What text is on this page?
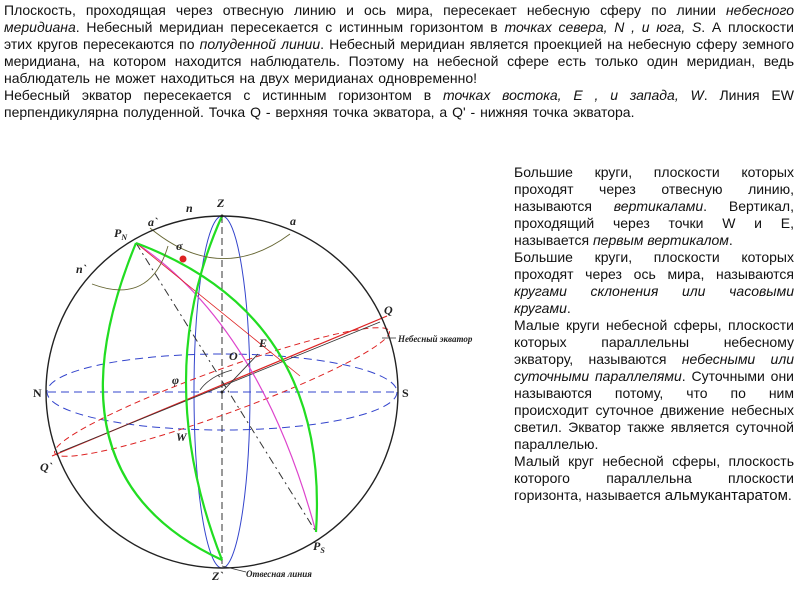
Плоскость, проходящая через отвесную линию и ось мира, пересекает небесную сферу по линии небесного меридиана. Небесный меридиан пересекается с истинным горизонтом в точках севера, N , и юга, S. А плоскости этих кругов пересекаются по полуденной линии. Небесный меридиан является проекцией на небесную сферу земного меридиана, на котором находится наблюдатель. Поэтому на небесной сфере есть только один меридиан, ведь наблюдатель не может находиться на двух меридианах одновременно!

Небесный экватор пересекается с истинным горизонтом в точках востока, Е , и запада, W. Линия EW перпендикулярна полуденной. Точка Q - верхняя точка экватора, а Q' - нижняя точка экватора.

Z
Z`
N	S
E
W
O
Q
Q`
$P_N$
$P_S$
a
a`
n
n`
σ
φ
Небесный экватор
Отвесная линия

Большие круги, плоскости которых проходят через отвесную линию, называются вертикалами. Вертикал, проходящий через точки W и E, называется первым вертикалом.

Большие круги, плоскости которых проходят через ось мира, называются кругами склонения или часовыми кругами.

Малые круги небесной сферы, плоскости которых параллельны небесному экватору, называются небесными или суточными параллелями. Суточными они называются потому, что по ним происходит суточное движение небесных светил. Экватор также является суточной параллелью.

Малый круг небесной сферы, плоскость которого параллельна плоскости горизонта, называется альмукантаратом.
